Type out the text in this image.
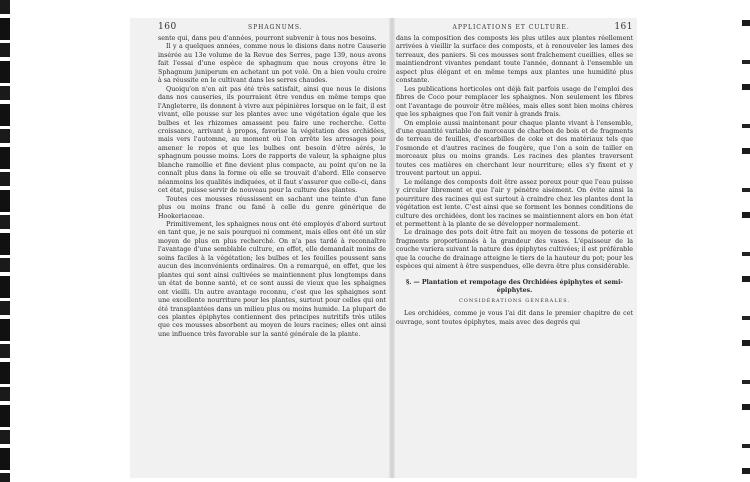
160	SPHAGNUMS.

sente qui, dans peu d'années, pourront subvenir à tous nos besoins.

Il y a quelques années, comme nous le disions dans notre Causerie insérée au 13e volume de la Revue des Serres, page 139, nous avons fait l'essai d'une espèce de sphagnum que nous croyons être le Sphagnum juniperum en achetant un pot volé. On a bien voulu croire à sa réussite en le cultivant dans les serres chaudes.

Quoiqu'on n'en ait pas été très satisfait, ainsi que nous le disions dans nos causeries, ils pourraient être vendus en même temps que l'Angleterre, ils donnent à vivre aux pépinières lorsque on le fait, il est vivant, elle pousse sur les plantes avec une végétation égale que les bulbes et les rhizomes amassent peu faire une recherche. Cette croissance, arrivant à propos, favorise la végétation des orchidées, mais vers l'automne, au moment où l'on arrête les arrosages pour amener le repos et que les bulbes ont besoin d'être aérés, le sphagnum pousse moins. Lors de rapports de valeur, la sphaigne plus blanche ramollie et fine devient plus compacte, au point qu'on ne la connaît plus dans la forme où elle se trouvait d'abord. Elle conserve néanmoins les qualités indiquées, et il faut s'assurer que celle-ci, dans cet état, puisse servir de nouveau pour la culture des plantes.

Toutes ces mousses réussissent en sachant une teinte d'un fane plus ou moins franc ou fané à celle du genre générique de Hookeriaceae.

Primitivement, les sphaignes nous ont été employés d'abord surtout en tant que, je ne sais pourquoi ni comment, mais elles ont été un sûr moyen de plus en plus recherché. On n'a pas tardé à reconnaître l'avantage d'une semblable culture, en effet, elle demandait moins de soins faciles à la végétation; les bulbes et les feuilles poussent sans aucun des inconvénients ordinaires. On a remarqué, en effet, que les plantes qui sont ainsi cultivées se maintiennent plus longtemps dans un état de bonne santé, et ce sont aussi de vieux que les sphaignes ont vieilli. Un autre avantage reconnu, c'est que les sphaignes sont une excellente nourriture pour les plantes, surtout pour celles qui ont été transplantées dans un milieu plus ou moins humide. La plupart de ces plantes épiphytes contiennent des principes nutritifs très utiles que ces mousses absorbent au moyen de leurs racines; elles ont ainsi une influence très favorable sur la santé générale de la plante.

APPLICATIONS ET CULTURE.	161

dans la composition des composts les plus utiles aux plantes réellement arrivées à vieillir la surface des composts, et à renouveler les lames des terreaux, des paniers. Si ces mousses sont fraîchement cueillies, elles se maintiendront vivantes pendant toute l'année, donnant à l'ensemble un aspect plus élégant et en même temps aux plantes une humidité plus constante.

Les publications horticoles ont déjà fait parfois usage de l'emploi des fibres de Coco pour remplacer les sphaignes. Non seulement les fibres ont l'avantage de pouvoir être mêlées, mais elles sont bien moins chères que les sphaignes que l'on fait venir à grands frais.

On emploie aussi maintenant pour chaque plante vivant à l'ensemble, d'une quantité variable de morceaux de charbon de bois et de fragments de terreau de feuilles, d'escarbilles de coke et des matériaux tels que l'osmonde et d'autres racines de fougère, que l'on a soin de tailler en morceaux plus ou moins grands. Les racines des plantes traversent toutes ces matières en cherchant leur nourriture; elles s'y fixent et y trouvent partout un appui.

Le mélange des composts doit être assez poreux pour que l'eau puisse y circuler librement et que l'air y pénètre aisément. On évite ainsi la pourriture des racines qui est surtout à craindre chez les plantes dont la végétation est lente. C'est ainsi que se forment les bonnes conditions de culture des orchidées, dont les racines se maintiennent alors en bon état et permettent à la plante de se développer normalement.

Le drainage des pots doit être fait au moyen de tessons de poterie et fragments proportionnés à la grandeur des vases. L'épaisseur de la couche variera suivant la nature des épiphytes cultivées; il est préférable que la couche de drainage atteigne le tiers de la hauteur du pot; pour les espèces qui aiment à être suspendues, elle devra être plus considérable.

§. — Plantation et rempotage des Orchidées épiphytes et semi-épiphytes.
CONSIDÉRATIONS GÉNÉRALES.

Les orchidées, comme je vous l'ai dit dans le premier chapitre de cet ouvrage, sont toutes épiphytes, mais avec des degrés qui
